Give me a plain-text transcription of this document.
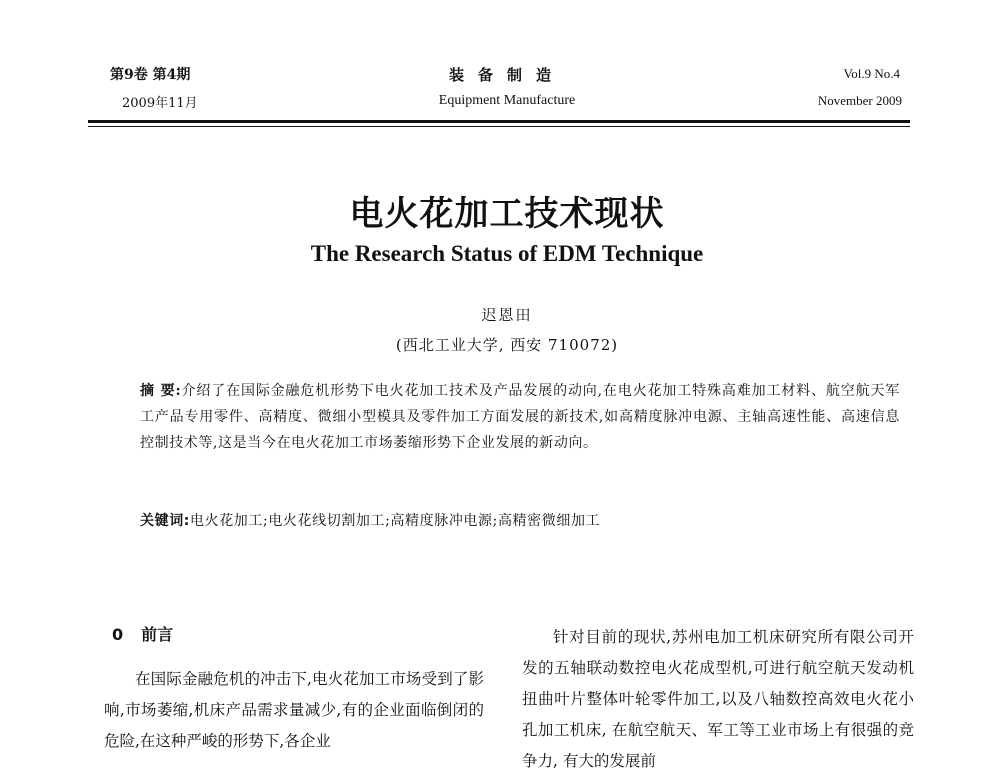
第9卷 第4期
2009年11月
装备制造
Equipment Manufacture
Vol.9 No.4
November 2009
电火花加工技术现状
The Research Status of EDM Technique
迟恩田
(西北工业大学, 西安 710072)
摘 要:介绍了在国际金融危机形势下电火花加工技术及产品发展的动向,在电火花加工特殊高难加工材料、航空航天军工产品专用零件、高精度、微细小型模具及零件加工方面发展的新技术,如高精度脉冲电源、主轴高速性能、高速信息控制技术等,这是当今在电火花加工市场萎缩形势下企业发展的新动向。
关键词:电火花加工;电火花线切割加工;高精度脉冲电源;高精密微细加工
0 前言

在国际金融危机的冲击下,电火花加工市场受到了影响,市场萎缩,机床产品需求量减少,有的企业面临倒闭的危险,在这种严峻的形势下,各企业

针对目前的现状,苏州电加工机床研究所有限公司开发的五轴联动数控电火花成型机,可进行航空航天发动机扭曲叶片整体叶轮零件加工,以及八轴数控高效电火花小孔加工机床, 在航空航天、军工等工业市场上有很强的竞争力, 有大的发展前
